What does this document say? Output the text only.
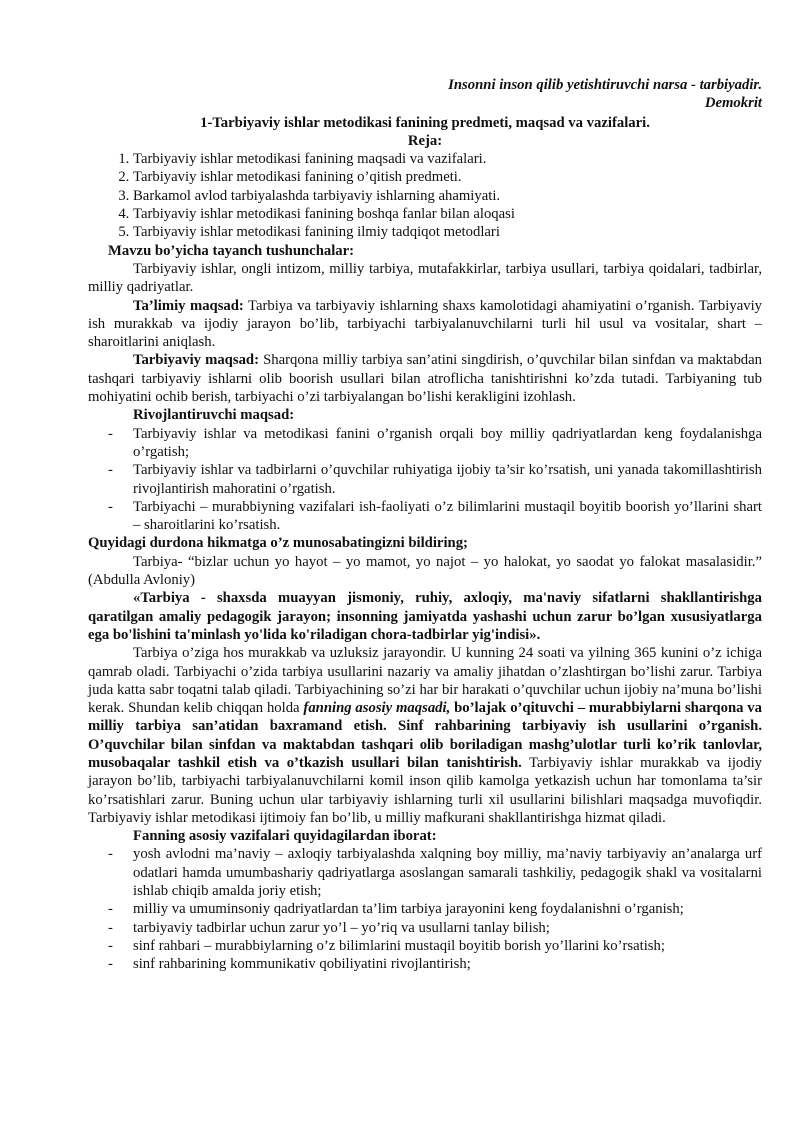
Insonni inson qilib yetishtiruvchi narsa - tarbiyadir.

Demokrit

1-Tarbiyaviy ishlar metodikasi fanining predmeti, maqsad va vazifalari.

Reja:

1. Tarbiyaviy ishlar metodikasi fanining maqsadi va vazifalari.
2. Tarbiyaviy ishlar metodikasi fanining o’qitish predmeti.
3. Barkamol avlod tarbiyalashda tarbiyaviy ishlarning ahamiyati.
4. Tarbiyaviy ishlar metodikasi fanining boshqa fanlar bilan aloqasi
5. Tarbiyaviy ishlar metodikasi fanining ilmiy tadqiqot metodlari

Mavzu bo’yicha tayanch tushunchalar:

Tarbiyaviy ishlar, ongli intizom, milliy tarbiya, mutafakkirlar, tarbiya usullari, tarbiya qoidalari, tadbirlar, milliy qadriyatlar.

Ta’limiy maqsad: Tarbiya va tarbiyaviy ishlarning shaxs kamolotidagi ahamiyatini o’rganish. Tarbiyaviy ish murakkab va ijodiy jarayon bo’lib, tarbiyachi tarbiyalanuvchilarni turli hil usul va vositalar, shart – sharoitlarini aniqlash.

Tarbiyaviy maqsad: Sharqona milliy tarbiya san’atini singdirish, o’quvchilar bilan sinfdan va maktabdan tashqari tarbiyaviy ishlarni olib boorish usullari bilan atroflicha tanishtirishni ko’zda tutadi. Tarbiyaning tub mohiyatini ochib berish, tarbiyachi o’zi tarbiyalangan bo’lishi kerakligini izohlash.

Rivojlantiruvchi maqsad:

-	Tarbiyaviy ishlar va metodikasi fanini o’rganish orqali boy milliy qadriyatlardan keng foydalanishga o’rgatish;
-	Tarbiyaviy ishlar va tadbirlarni o’quvchilar ruhiyatiga ijobiy ta’sir ko’rsatish, uni yanada takomillashtirish rivojlantirish mahoratini o’rgatish.
-	Tarbiyachi – murabbiyning vazifalari ish-faoliyati o’z bilimlarini mustaqil boyitib boorish yo’llarini shart – sharoitlarini ko’rsatish.

Quyidagi durdona hikmatga o’z munosabatingizni bildiring;

Tarbiya- “bizlar uchun yo hayot – yo mamot, yo najot – yo halokat, yo saodat yo falokat masalasidir.” (Abdulla Avloniy)

«Tarbiya - shaxsda muayyan jismoniy, ruhiy, axloqiy, ma'naviy sifatlarni shakllantirishga qaratilgan amaliy pedagogik jarayon; insonning jamiyatda yashashi uchun zarur bo’lgan xususiyatlarga ega bo'lishini ta'minlash yo'lida ko'riladigan chora-tadbirlar yig'indisi».

Tarbiya o’ziga hos murakkab va uzluksiz jarayondir. U kunning 24 soati va yilning 365 kunini o’z ichiga qamrab oladi. Tarbiyachi o’zida tarbiya usullarini nazariy va amaliy jihatdan o’zlashtirgan bo’lishi zarur. Tarbiya juda katta sabr toqatni talab qiladi. Tarbiyachining so’zi har bir harakati o’quvchilar uchun ijobiy na’muna bo’lishi kerak. Shundan kelib chiqqan holda fanning asosiy maqsadi, bo’lajak o’qituvchi – murabbiylarni sharqona va milliy tarbiya san’atidan baxramand etish. Sinf rahbarining tarbiyaviy ish usullarini o’rganish. O’quvchilar bilan sinfdan va maktabdan tashqari olib boriladigan mashg’ulotlar turli ko’rik tanlovlar, musobaqalar tashkil etish va o’tkazish usullari bilan tanishtirish. Tarbiyaviy ishlar murakkab va ijodiy jarayon bo’lib, tarbiyachi tarbiyalanuvchilarni komil inson qilib kamolga yetkazish uchun har tomonlama ta’sir ko’rsatishlari zarur. Buning uchun ular tarbiyaviy ishlarning turli xil usullarini bilishlari maqsadga muvofiqdir. Tarbiyaviy ishlar metodikasi ijtimoiy fan bo’lib, u milliy mafkurani shakllantirishga hizmat qiladi.

Fanning asosiy vazifalari quyidagilardan iborat:

-	yosh avlodni ma’naviy – axloqiy tarbiyalashda xalqning boy milliy, ma’naviy tarbiyaviy an’analarga urf odatlari hamda umumbashariy qadriyatlarga asoslangan samarali tashkiliy, pedagogik shakl va vositalarni ishlab chiqib amalda joriy etish;
-	milliy va umuminsoniy qadriyatlardan ta’lim tarbiya jarayonini keng foydalanishni o’rganish;
-	tarbiyaviy tadbirlar uchun zarur yo’l – yo’riq va usullarni tanlay bilish;
-	sinf rahbari – murabbiylarning o’z bilimlarini mustaqil boyitib borish yo’llarini ko’rsatish;
-	sinf rahbarining kommunikativ qobiliyatini rivojlantirish;
